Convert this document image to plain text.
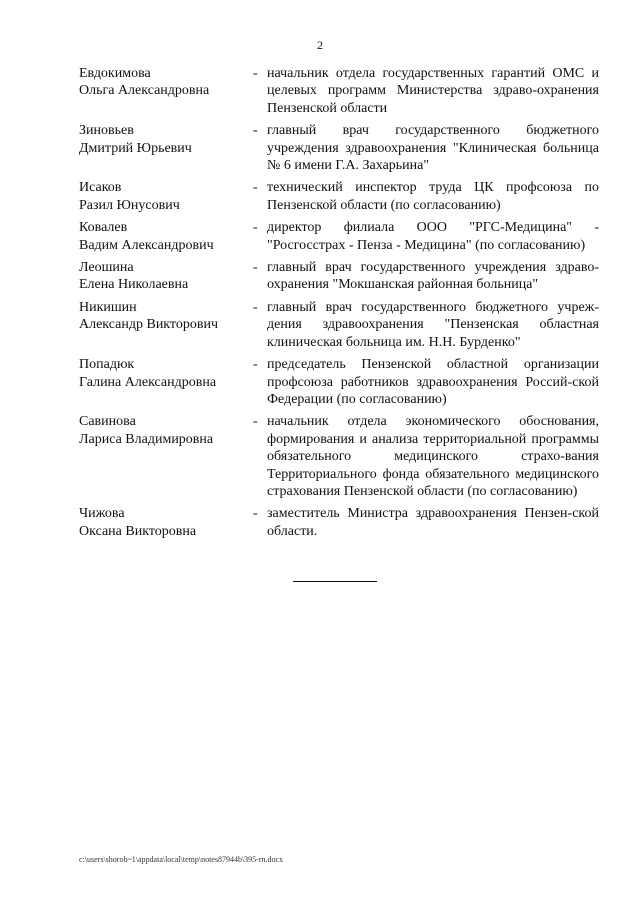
2
Евдокимова
Ольга Александровна
- начальник отдела государственных гарантий ОМС и целевых программ Министерства здраво-охранения Пензенской области
Зиновьев
Дмитрий Юрьевич
- главный врач государственного бюджетного учреждения здравоохранения "Клиническая больница № 6 имени Г.А. Захарьина"
Исаков
Разил Юнусович
- технический инспектор труда ЦК профсоюза по Пензенской области (по согласованию)
Ковалев
Вадим Александрович
- директор филиала ООО "РГС-Медицина" - "Росгосстрах - Пенза - Медицина" (по согласованию)
Леошина
Елена Николаевна
- главный врач государственного учреждения здраво-охранения "Мокшанская районная больница"
Никишин
Александр Викторович
- главный врач государственного бюджетного учреж-дения здравоохранения "Пензенская областная клиническая больница им. Н.Н. Бурденко"
Попадюк
Галина Александровна
- председатель Пензенской областной организации профсоюза работников здравоохранения Россий-ской Федерации (по согласованию)
Савинова
Лариса Владимировна
- начальник отдела экономического обоснования, формирования и анализа территориальной программы обязательного медицинского страхо-вания Территориального фонда обязательного медицинского страхования Пензенской области (по согласованию)
Чижова
Оксана Викторовна
- заместитель Министра здравоохранения Пензен-ской области.
c:\users\shorob~1\appdata\local\temp\notes87944b\395-rn.docx
